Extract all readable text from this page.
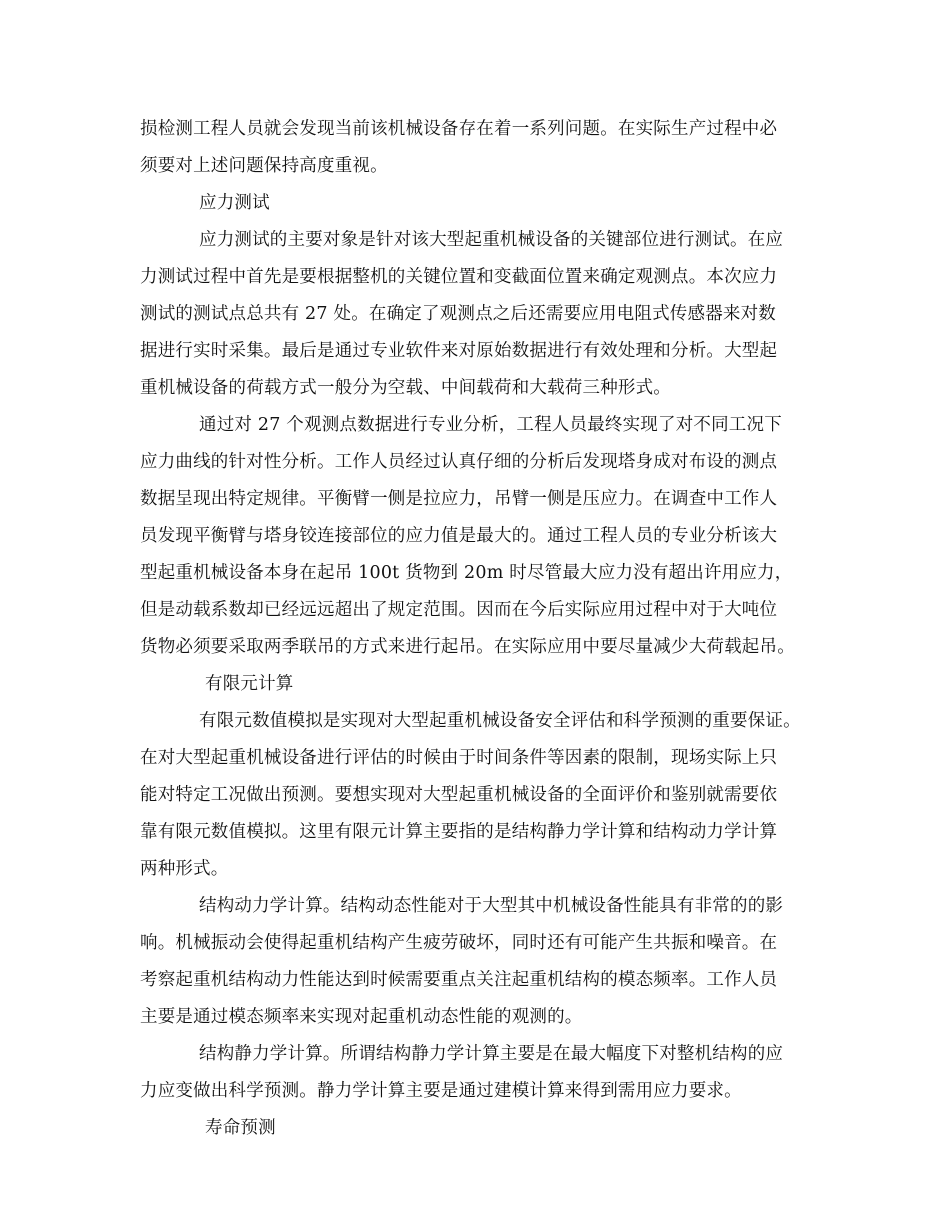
损检测工程人员就会发现当前该机械设备存在着一系列问题。在实际生产过程中必
须要对上述问题保持高度重视。
应力测试
应力测试的主要对象是针对该大型起重机械设备的关键部位进行测试。在应
力测试过程中首先是要根据整机的关键位置和变截面位置来确定观测点。本次应力
测试的测试点总共有 27 处。在确定了观测点之后还需要应用电阻式传感器来对数
据进行实时采集。最后是通过专业软件来对原始数据进行有效处理和分析。大型起
重机械设备的荷载方式一般分为空载、中间载荷和大载荷三种形式。
通过对 27 个观测点数据进行专业分析，工程人员最终实现了对不同工况下
应力曲线的针对性分析。工作人员经过认真仔细的分析后发现塔身成对布设的测点
数据呈现出特定规律。平衡臂一侧是拉应力，吊臂一侧是压应力。在调查中工作人
员发现平衡臂与塔身铰连接部位的应力值是最大的。通过工程人员的专业分析该大
型起重机械设备本身在起吊 100t 货物到 20m 时尽管最大应力没有超出许用应力，
但是动载系数却已经远远超出了规定范围。因而在今后实际应用过程中对于大吨位
货物必须要采取两季联吊的方式来进行起吊。在实际应用中要尽量减少大荷载起吊。
有限元计算
有限元数值模拟是实现对大型起重机械设备安全评估和科学预测的重要保证。
在对大型起重机械设备进行评估的时候由于时间条件等因素的限制，现场实际上只
能对特定工况做出预测。要想实现对大型起重机械设备的全面评价和鉴别就需要依
靠有限元数值模拟。这里有限元计算主要指的是结构静力学计算和结构动力学计算
两种形式。
结构动力学计算。结构动态性能对于大型其中机械设备性能具有非常的的影
响。机械振动会使得起重机结构产生疲劳破坏，同时还有可能产生共振和噪音。在
考察起重机结构动力性能达到时候需要重点关注起重机结构的模态频率。工作人员
主要是通过模态频率来实现对起重机动态性能的观测的。
结构静力学计算。所谓结构静力学计算主要是在最大幅度下对整机结构的应
力应变做出科学预测。静力学计算主要是通过建模计算来得到需用应力要求。
寿命预测
